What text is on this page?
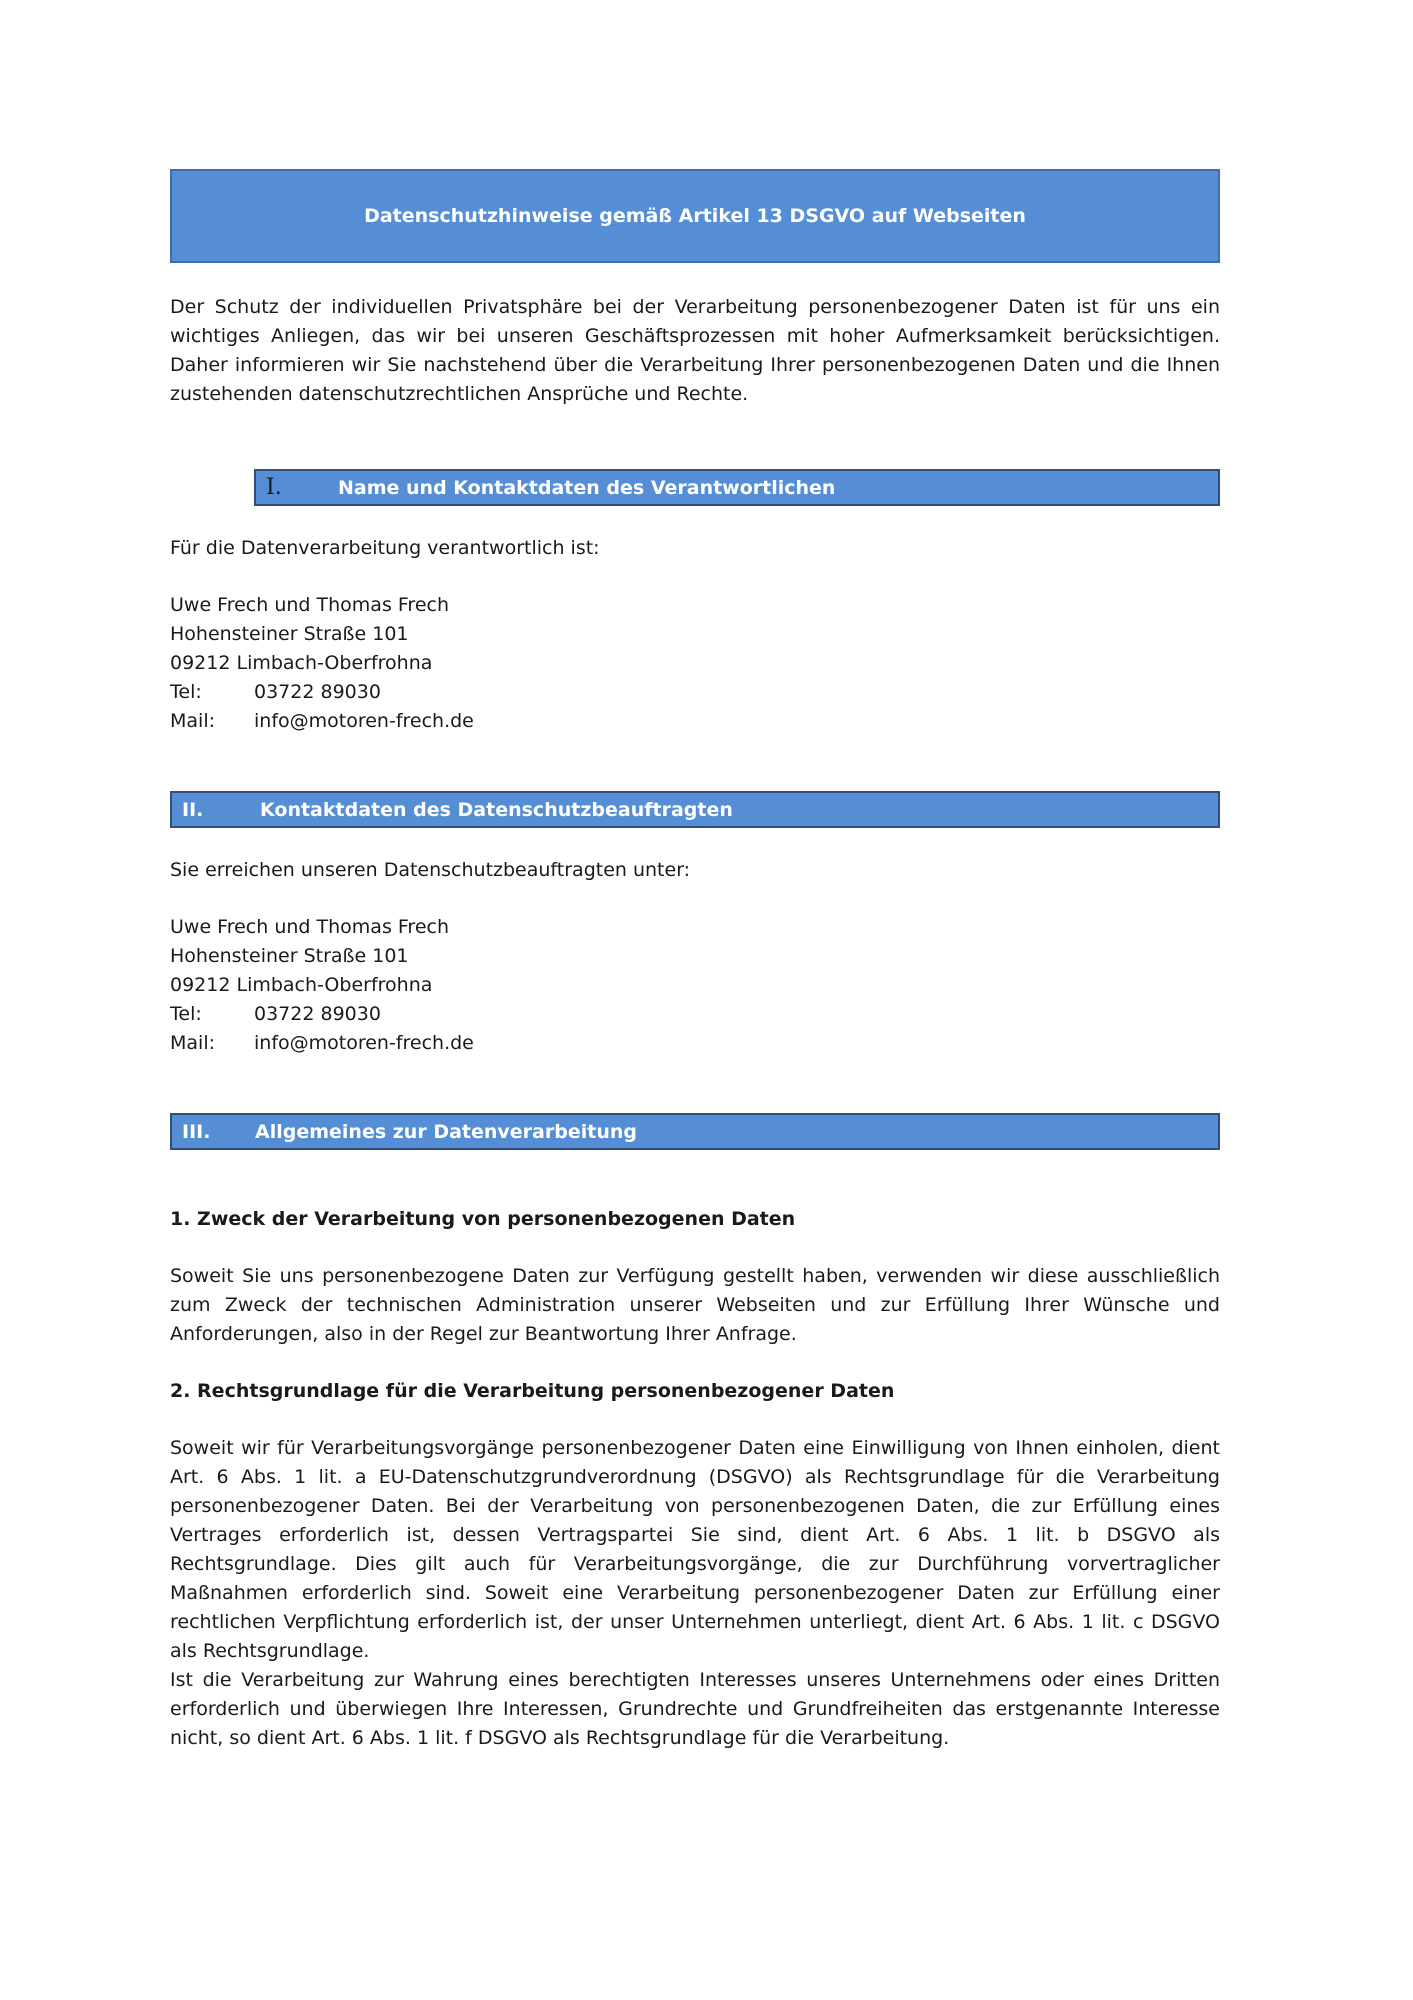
Datenschutzhinweise gemäß Artikel 13 DSGVO auf Webseiten

Der Schutz der individuellen Privatsphäre bei der Verarbeitung personenbezogener Daten ist für uns ein wichtiges Anliegen, das wir bei unseren Geschäftsprozessen mit hoher Aufmerksamkeit berücksichtigen. Daher informieren wir Sie nachstehend über die Verarbeitung Ihrer personenbezogenen Daten und die Ihnen zustehenden datenschutzrechtlichen Ansprüche und Rechte.

I.	Name und Kontaktdaten des Verantwortlichen

Für die Datenverarbeitung verantwortlich ist:

Uwe Frech und Thomas Frech

Hohensteiner Straße 101

09212 Limbach-Oberfrohna

Tel:	03722 89030

Mail:	info@motoren-frech.de

II.	Kontaktdaten des Datenschutzbeauftragten

Sie erreichen unseren Datenschutzbeauftragten unter:

Uwe Frech und Thomas Frech

Hohensteiner Straße 101

09212 Limbach-Oberfrohna

Tel:	03722 89030

Mail:	info@motoren-frech.de

III. Allgemeines zur Datenverarbeitung
1. Zweck der Verarbeitung von personenbezogenen Daten

Soweit Sie uns personenbezogene Daten zur Verfügung gestellt haben, verwenden wir diese ausschließlich zum Zweck der technischen Administration unserer Webseiten und zur Erfüllung Ihrer Wünsche und Anforderungen, also in der Regel zur Beantwortung Ihrer Anfrage.

2. Rechtsgrundlage für die Verarbeitung personenbezogener Daten

Soweit wir für Verarbeitungsvorgänge personenbezogener Daten eine Einwilligung von Ihnen einholen, dient Art. 6 Abs. 1 lit. a EU-Datenschutzgrundverordnung (DSGVO) als Rechtsgrundlage für die Verarbeitung personenbezogener Daten. Bei der Verarbeitung von personenbezogenen Daten, die zur Erfüllung eines Vertrages erforderlich ist, dessen Vertragspartei Sie sind, dient Art. 6 Abs. 1 lit. b DSGVO als Rechtsgrundlage. Dies gilt auch für Verarbeitungsvorgänge, die zur Durchführung vorvertraglicher Maßnahmen erforderlich sind. Soweit eine Verarbeitung personenbezogener Daten zur Erfüllung einer rechtlichen Verpflichtung erforderlich ist, der unser Unternehmen unterliegt, dient Art. 6 Abs. 1 lit. c DSGVO als Rechtsgrundlage.

Ist die Verarbeitung zur Wahrung eines berechtigten Interesses unseres Unternehmens oder eines Dritten erforderlich und überwiegen Ihre Interessen, Grundrechte und Grundfreiheiten das erstgenannte Interesse nicht, so dient Art. 6 Abs. 1 lit. f DSGVO als Rechtsgrundlage für die Verarbeitung.
